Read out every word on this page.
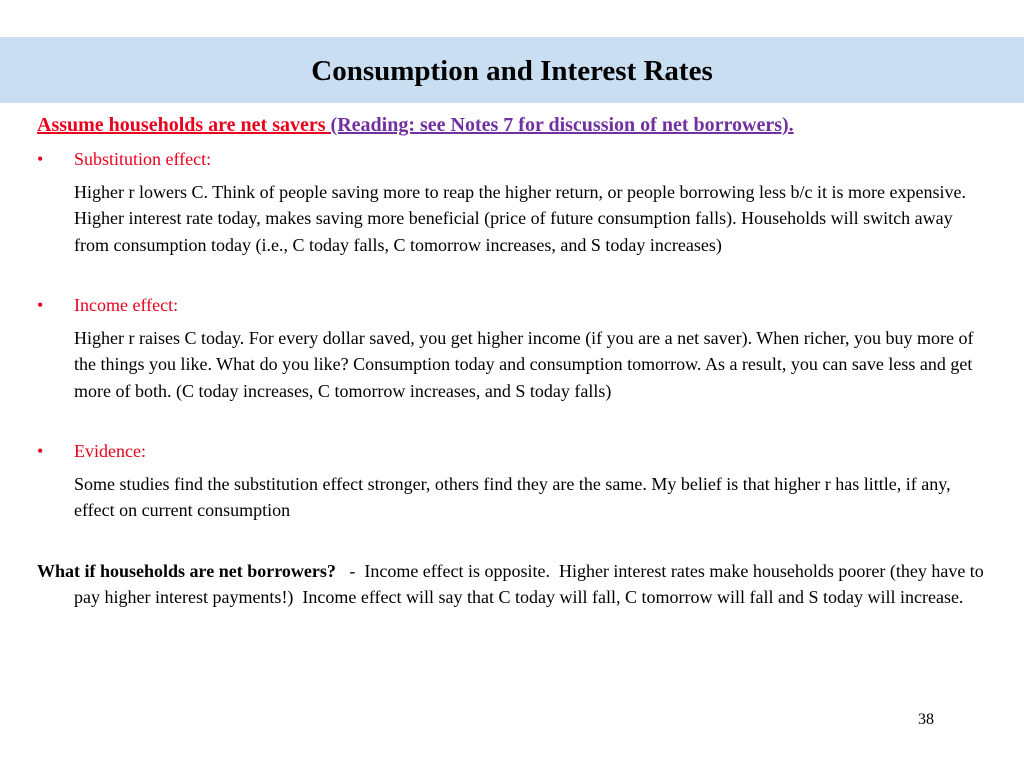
Consumption and Interest Rates

Assume households are net savers (Reading: see Notes 7 for discussion of net borrowers).

•	Substitution effect:

Higher r lowers C. Think of people saving more to reap the higher return, or people borrowing less b/c it is more expensive. Higher interest rate today, makes saving more beneficial (price of future consumption falls). Households will switch away from consumption today (i.e., C today falls, C tomorrow increases, and S today increases)

•	Income effect:

Higher r raises C today. For every dollar saved, you get higher income (if you are a net saver). When richer, you buy more of the things you like. What do you like? Consumption today and consumption tomorrow. As a result, you can save less and get more of both. (C today increases, C tomorrow increases, and S today falls)

•	Evidence:

Some studies find the substitution effect stronger, others find they are the same. My belief is that higher r has little, if any, effect on current consumption

What if households are net borrowers?   -  Income effect is opposite.  Higher interest rates make households poorer (they have to pay higher interest payments!)  Income effect will say that C today will fall, C tomorrow will fall and S today will increase.

38
